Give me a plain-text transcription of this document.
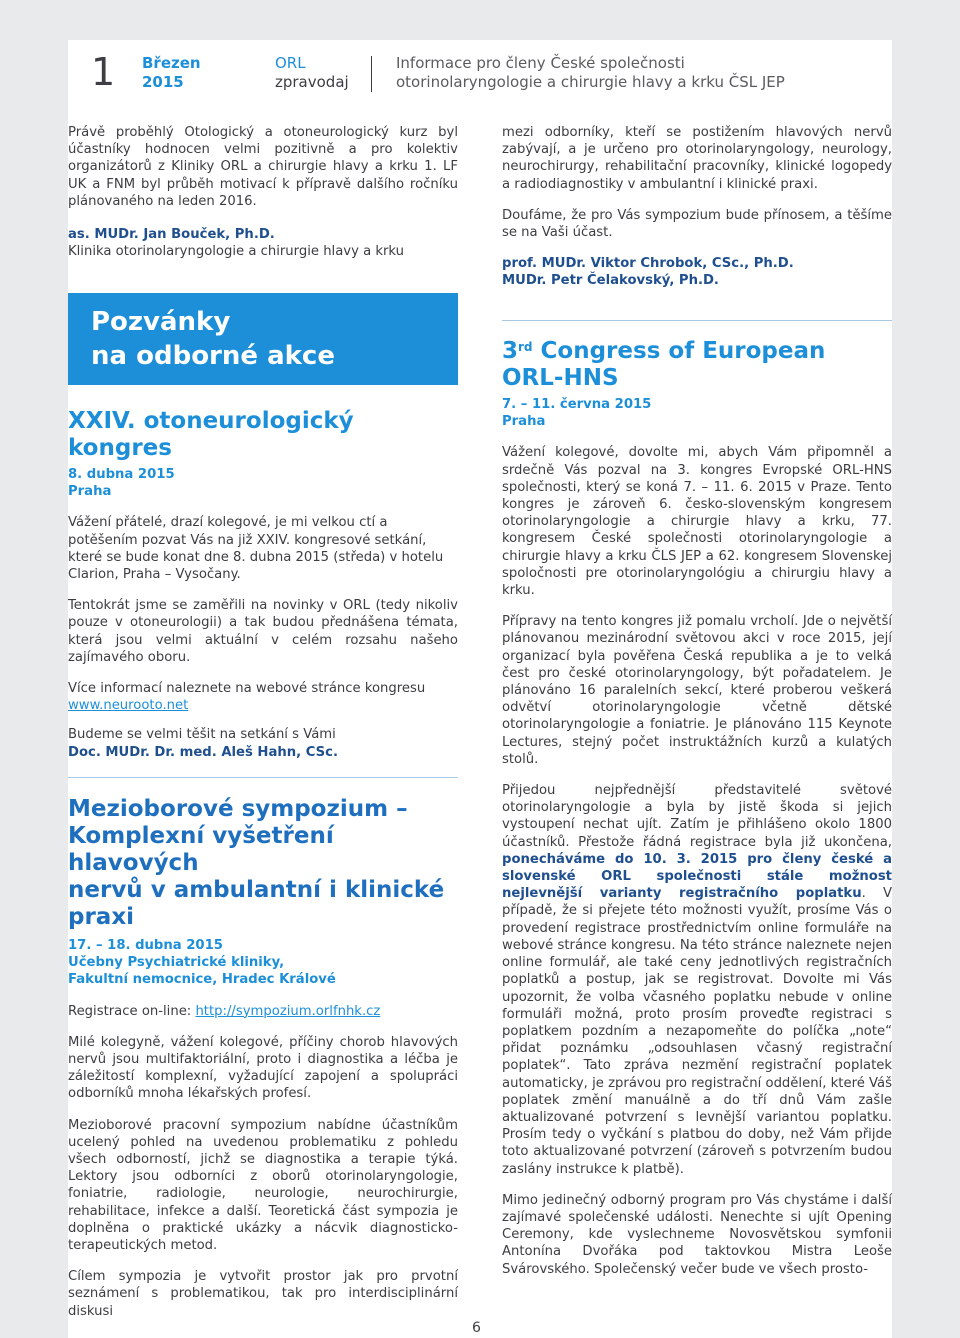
1 Březen
2015
ORL
zpravodaj
Informace pro členy České společnosti
otorinolaryngologie a chirurgie hlavy a krku ČSL JEP

Právě proběhlý Otologický a otoneurologický kurz byl účastníky hodnocen velmi pozitivně a pro kolektiv organizátorů z Kliniky ORL a chirurgie hlavy a krku 1. LF UK a FNM byl průběh motivací k přípravě dalšího ročníku plánovaného na leden 2016.

as. MUDr. Jan Bouček, Ph.D.

Klinika otorinolaryngologie a chirurgie hlavy a krku

Pozvánky
na odborné akce

XXIV. otoneurologický kongres

8. dubna 2015

Praha

Vážení přátelé, drazí kolegové, je mi velkou ctí a potěšením pozvat Vás na již XXIV. kongresové setkání, které se bude konat dne 8. dubna 2015 (středa) v hotelu Clarion, Praha – Vysočany.

Tentokrát jsme se zaměřili na novinky v ORL (tedy nikoliv pouze v otoneurologii) a tak budou přednášena témata, která jsou velmi aktuální v celém rozsahu našeho zajímavého oboru.

Více informací naleznete na webové stránce kongresu

www.neurooto.net

Budeme se velmi těšit na setkání s Vámi

Doc. MUDr. Dr. med. Aleš Hahn, CSc.

Mezioborové sympozium –

Komplexní vyšetření hlavových

nervů v ambulantní i klinické praxi

17. – 18. dubna 2015

Učebny Psychiatrické kliniky,

Fakultní nemocnice, Hradec Králové

Registrace on-line: http://sympozium.orlfnhk.cz

Milé kolegyně, vážení kolegové, příčiny chorob hlavových nervů jsou multifaktoriální, proto i diagnostika a léčba je záležitostí komplexní, vyžadující zapojení a spolupráci odborníků mnoha lékařských profesí.

Mezioborové pracovní sympozium nabídne účastníkům ucelený pohled na uvedenou problematiku z pohledu všech odborností, jichž se diagnostika a terapie týká. Lektory jsou odborníci z oborů otorinolaryngologie, foniatrie, radiologie, neurologie, neurochirurgie, rehabilitace, infekce a další. Teoretická část sympozia je doplněna o praktické ukázky a nácvik diagnosticko-terapeutických metod.

Cílem sympozia je vytvořit prostor jak pro prvotní seznámení s problematikou, tak pro interdisciplinární diskusi

mezi odborníky, kteří se postižením hlavových nervů zabývají, a je určeno pro otorinolaryngology, neurology, neurochirurgy, rehabilitační pracovníky, klinické logopedy a radiodiagnostiky v ambulantní i klinické praxi.

Doufáme, že pro Vás sympozium bude přínosem, a těšíme se na Vaši účast.

prof. MUDr. Viktor Chrobok, CSc., Ph.D.

MUDr. Petr Čelakovský, Ph.D.

3rd Congress of European

ORL-HNS

7. – 11. června 2015

Praha

Vážení kolegové, dovolte mi, abych Vám připomněl a srdečně Vás pozval na 3. kongres Evropské ORL-HNS společnosti, který se koná 7. – 11. 6. 2015 v Praze. Tento kongres je zároveň 6. česko-slovenským kongresem otorinolaryngologie a chirurgie hlavy a krku, 77. kongresem České společnosti otorinolaryngologie a chirurgie hlavy a krku ČLS JEP a 62. kongresem Slovenskej spoločnosti pre otorinolaryngológiu a chirurgiu hlavy a krku.

Přípravy na tento kongres již pomalu vrcholí. Jde o největší plánovanou mezinárodní světovou akci v roce 2015, její organizací byla pověřena Česká republika a je to velká čest pro české otorinolaryngology, být pořadatelem. Je plánováno 16 paralelních sekcí, které proberou veškerá odvětví otorinolaryngologie včetně dětské otorinolaryngologie a foniatrie. Je plánováno 115 Keynote Lectures, stejný počet instruktážních kurzů a kulatých stolů.

Přijedou nejpřednější představitelé světové otorinolaryngologie a byla by jistě škoda si jejich vystoupení nechat ujít. Zatím je přihlášeno okolo 1800 účastníků. Přestože řádná registrace byla již ukončena, ponecháváme do 10. 3. 2015 pro členy české a slovenské ORL společnosti stále možnost nejlevnější varianty registračního poplatku. V případě, že si přejete této možnosti využít, prosíme Vás o provedení registrace prostřednictvím online formuláře na webové stránce kongresu. Na této stránce naleznete nejen online formulář, ale také ceny jednotlivých registračních poplatků a postup, jak se registrovat. Dovolte mi Vás upozornit, že volba včasného poplatku nebude v online formuláři možná, proto prosím proveďte registraci s poplatkem pozdním a nezapomeňte do políčka „note“ přidat poznámku „odsouhlasen včasný registrační poplatek“. Tato zpráva nezmění registrační poplatek automaticky, je zprávou pro registrační oddělení, které Váš poplatek změní manuálně a do tří dnů Vám zašle aktualizované potvrzení s levnější variantou poplatku. Prosím tedy o vyčkání s platbou do doby, než Vám přijde toto aktualizované potvrzení (zároveň s potvrzením budou zaslány instrukce k platbě).

Mimo jedinečný odborný program pro Vás chystáme i další zajímavé společenské události. Nenechte si ujít Opening Ceremony, kde vyslechneme Novosvětskou symfonii Antonína Dvořáka pod taktovkou Mistra Leoše Svárovského. Společenský večer bude ve všech prosto-

6
